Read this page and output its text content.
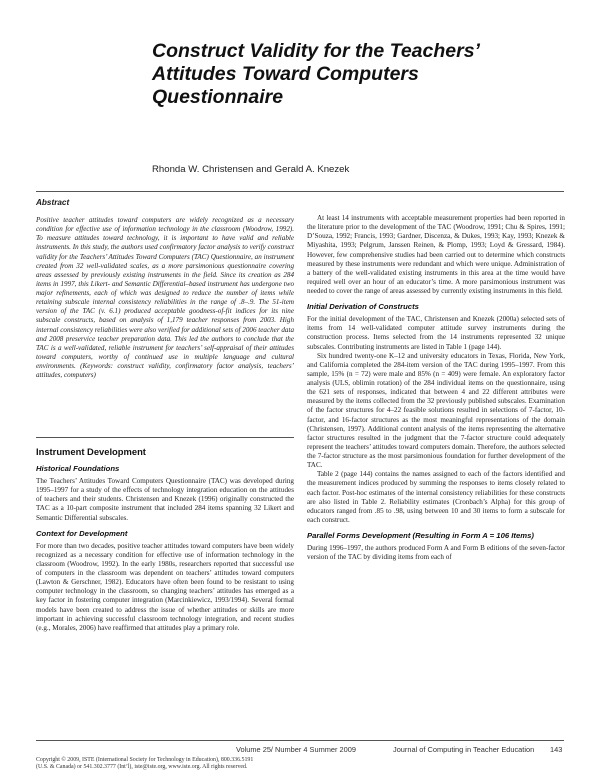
Construct Validity for the Teachers’ Attitudes Toward Computers Questionnaire
Rhonda W. Christensen and Gerald A. Knezek
Abstract

Positive teacher attitudes toward computers are widely recognized as a necessary condition for effective use of information technology in the classroom (Woodrow, 1992). To measure attitudes toward technology, it is important to have valid and reliable instruments. In this study, the authors used confirmatory factor analysis to verify construct validity for the Teachers’ Attitudes Toward Computers (TAC) Questionnaire, an instrument created from 32 well-validated scales, as a more parsimonious questionnaire covering areas assessed by previously existing instruments in the field. Since its creation as 284 items in 1997, this Likert- and Semantic Differential–based instrument has undergone two major refinements, each of which was designed to reduce the number of items while retaining subscale internal consistency reliabilities in the range of .8–.9. The 51-item version of the TAC (v. 6.1) produced acceptable goodness-of-fit indices for its nine subscale constructs, based on analysis of 1,179 teacher responses from 2003. High internal consistency reliabilities were also verified for additional sets of 2006 teacher data and 2008 preservice teacher preparation data. This led the authors to conclude that the TAC is a well-validated, reliable instrument for teachers’ self-appraisal of their attitudes toward computers, worthy of continued use in multiple language and cultural environments. (Keywords: construct validity, confirmatory factor analysis, teachers’ attitudes, computers)

Instrument Development
Historical Foundations

The Teachers’ Attitudes Toward Computers Questionnaire (TAC) was developed during 1995–1997 for a study of the effects of technology integration education on the attitudes of teachers and their students. Christensen and Knezek (1996) originally constructed the TAC as a 10-part composite instrument that included 284 items spanning 32 Likert and Semantic Differential subscales.

Context for Development

For more than two decades, positive teacher attitudes toward computers have been widely recognized as a necessary condition for effective use of information technology in the classroom (Woodrow, 1992). In the early 1980s, researchers reported that successful use of computers in the classroom was dependent on teachers’ attitudes toward computers (Lawton & Gerschner, 1982). Educators have often been found to be resistant to using computer technology in the classroom, so changing teachers’ attitudes has emerged as a key factor in fostering computer integration (Marcinkiewicz, 1993/1994). Several formal models have been created to address the issue of whether attitudes or skills are more important in achieving successful classroom technology integration, and recent studies (e.g., Morales, 2006) have reaffirmed that attitudes play a primary role.

At least 14 instruments with acceptable measurement properties had been reported in the literature prior to the development of the TAC (Woodrow, 1991; Chu & Spires, 1991; D’Souza, 1992; Francis, 1993; Gardner, Discenza, & Dukes, 1993; Kay, 1993; Knezek & Miyashita, 1993; Pelgrum, Janssen Reinen, & Plomp, 1993; Loyd & Gressard, 1984). However, few comprehensive studies had been carried out to determine which constructs measured by these instruments were redundant and which were unique. Administration of a battery of the well-validated existing instruments in this area at the time would have required well over an hour of an educator’s time. A more parsimonious instrument was needed to cover the range of areas assessed by currently existing instruments in this field.

Initial Derivation of Constructs

For the initial development of the TAC, Christensen and Knezek (2000a) selected sets of items from 14 well-validated computer attitude survey instruments during the construction process. Items selected from the 14 instruments represented 32 unique subscales. Contributing instruments are listed in Table 1 (page 144).

Six hundred twenty-one K–12 and university educators in Texas, Florida, New York, and California completed the 284-item version of the TAC during 1995–1997. From this sample, 15% (n = 72) were male and 85% (n = 409) were female. An exploratory factor analysis (ULS, oblimin rotation) of the 284 individual items on the questionnaire, using the 621 sets of responses, indicated that between 4 and 22 different attributes were measured by the items collected from the 32 previously published subscales. Examination of the factor structures for 4–22 feasible solutions resulted in selections of 7-factor, 10-factor, and 16-factor structures as the most meaningful representations of the domain (Christensen, 1997). Additional content analysis of the items representing the alternative factor structures resulted in the judgment that the 7-factor structure could adequately represent the teachers’ attitudes toward computers domain. Therefore, the authors selected the 7-factor structure as the most parsimonious foundation for further development of the TAC.

Table 2 (page 144) contains the names assigned to each of the factors identified and the measurement indices produced by summing the responses to items closely related to each factor. Post-hoc estimates of the internal consistency reliabilities for these constructs are also listed in Table 2. Reliability estimates (Cronbach’s Alpha) for this group of educators ranged from .85 to .98, using between 10 and 30 items to form a subscale for each construct.

Parallel Forms Development (Resulting in Form A = 106 Items)

During 1996–1997, the authors produced Form A and Form B editions of the seven-factor version of the TAC by dividing items from each of

Volume 25/ Number 4 Summer 2009	Journal of Computing in Teacher Education 143
Copyright © 2009, ISTE (International Society for Technology in Education), 800.336.5191
(U.S. & Canada) or 541.302.3777 (Int’l), iste@iste.org, www.iste.org. All rights reserved.
